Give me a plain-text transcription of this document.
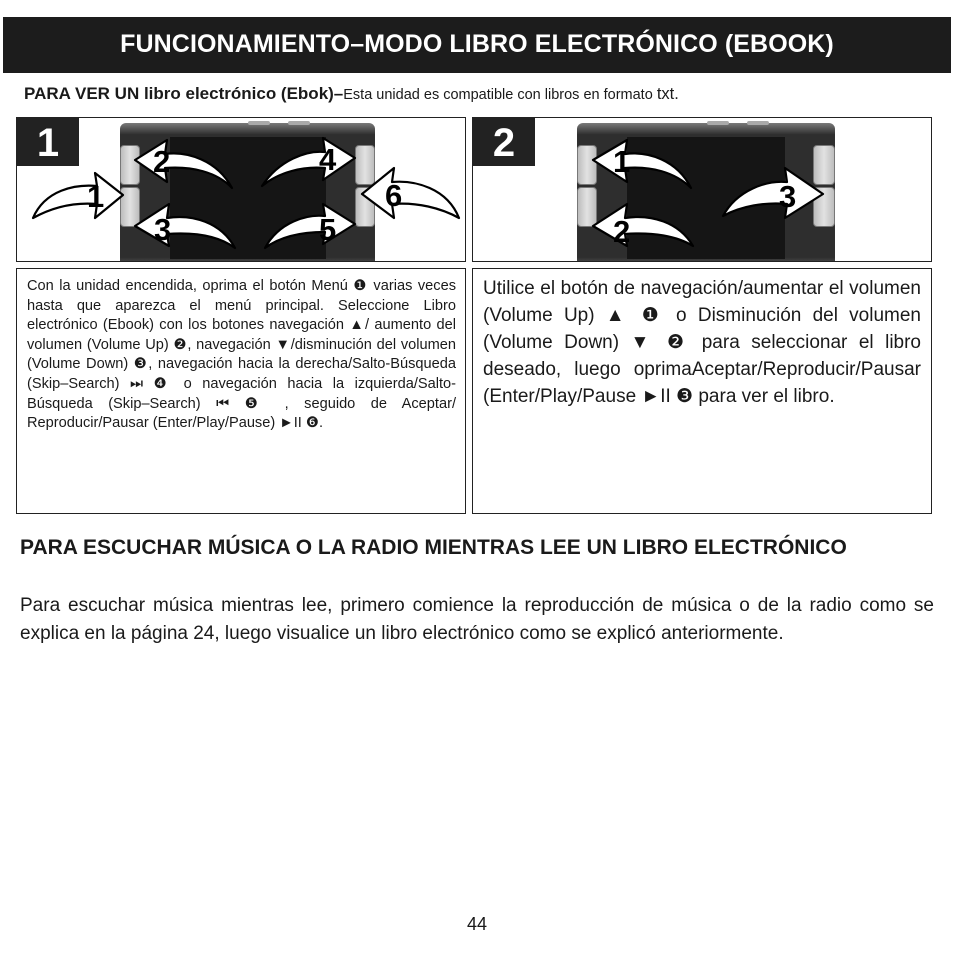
FUNCIONAMIENTO–MODO LIBRO ELECTRÓNICO (EBOOK)
PARA VER UN libro electrónico (Ebok)–Esta unidad es compatible con libros en formato txt.
1
1
2
3
4
5
6
2	1
2
3
Con la unidad encendida, oprima el botón Menú ❶ varias veces hasta que aparezca el menú principal. Seleccione Libro electrónico (Ebook) con los botones navegación ▲/ aumento del volumen (Volume Up) ❷, navegación ▼/disminución del volumen (Volume Down) ❸, navegación hacia la derecha/Salto-Búsqueda (Skip–Search) ⏭ ❹ o navegación hacia la izquierda/Salto-Búsqueda (Skip–Search) ⏮ ❺ , seguido de Aceptar/ Reproducir/Pausar (Enter/Play/Pause) ►II ❻.
Utilice el botón de navegación/aumentar el volumen (Volume Up) ▲ ❶ o Disminución del volumen (Volume Down) ▼ ❷ para seleccionar el libro deseado, luego oprimaAceptar/Reproducir/Pausar (Enter/Play/Pause ►II ❸ para ver el libro.
PARA ESCUCHAR MÚSICA O LA RADIO MIENTRAS LEE UN LIBRO ELECTRÓNICO
Para escuchar música mientras lee, primero comience la reproducción de música o de la radio como se explica en la página 24, luego visualice un libro electrónico como se explicó anteriormente.
44
